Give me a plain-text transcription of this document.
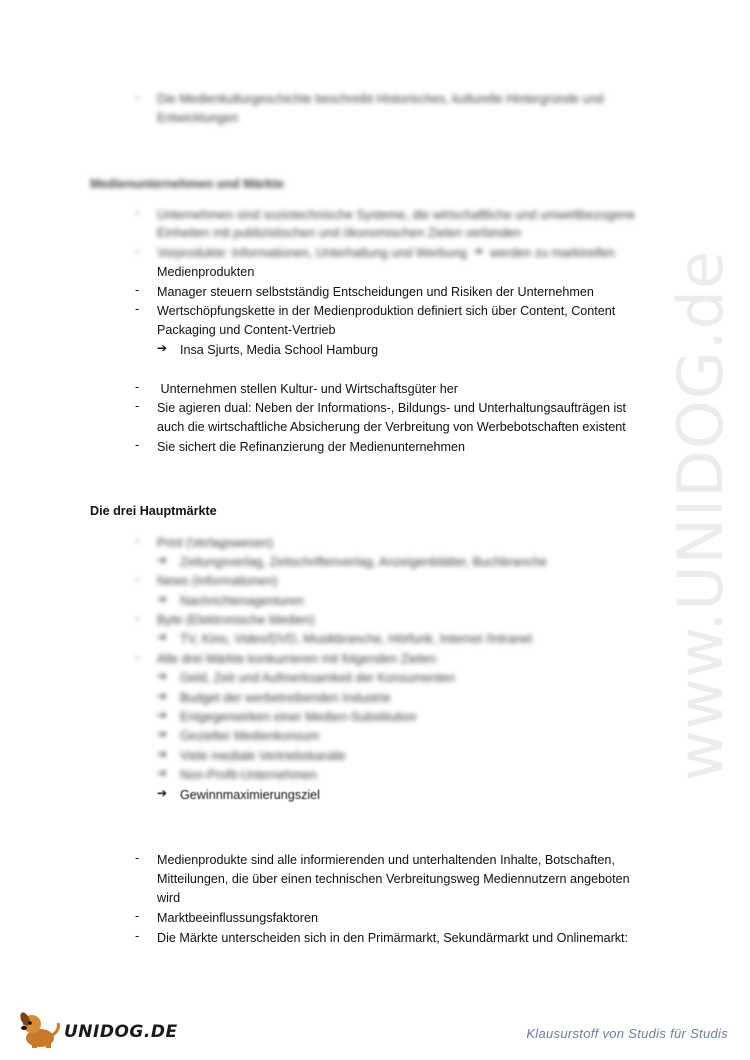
www.UNIDOG.de
- Die Medienkulturgeschichte beschreibt Historisches, kulturelle Hintergründe und
Entwicklungen
Medienunternehmen und Märkte
- Unternehmen sind soziotechnische Systeme, die wirtschaftliche und umweltbezogene
Einheiten mit publizistischen und ökonomischen Zielen verbinden
- Vorprodukte: Informationen, Unterhaltung und Werbung ➔ werden zu marktreifen
Medienprodukten
- Manager steuern selbstständig Entscheidungen und Risiken der Unternehmen
- Wertschöpfungskette in der Medienproduktion definiert sich über Content, Content
Packaging und Content-Vertrieb
➔ Insa Sjurts, Media School Hamburg
- Unternehmen stellen Kultur- und Wirtschaftsgüter her
- Sie agieren dual: Neben der Informations-, Bildungs- und Unterhaltungsaufträgen ist
auch die wirtschaftliche Absicherung der Verbreitung von Werbebotschaften existent
- Sie sichert die Refinanzierung der Medienunternehmen
Die drei Hauptmärkte
- Print (Verlagswesen)
➔ Zeitungsverlag, Zeitschriftenverlag, Anzeigenblätter, Buchbranche
- News (Informationen)
➔ Nachrichtenagenturen
- Byte (Elektronische Medien)
➔ TV, Kino, Video/DVD, Musikbranche, Hörfunk, Internet /Intranet
- Alle drei Märkte konkurrieren mit folgenden Zielen:
➔ Geld, Zeit und Aufmerksamkeit der Konsumenten
➔ Budget der werbetreibenden Industrie
➔ Entgegenwirken einer Medien-Substitution
➔ Gezielter Medienkonsum
➔ Viele mediale Vertriebskanäle
➔ Non-Profit-Unternehmen
➔ Gewinnmaximierungsziel
- Medienprodukte sind alle informierenden und unterhaltenden Inhalte, Botschaften,
Mitteilungen, die über einen technischen Verbreitungsweg Mediennutzern angeboten
wird
- Marktbeeinflussungsfaktoren
- Die Märkte unterscheiden sich in den Primärmarkt, Sekundärmarkt und Onlinemarkt:
UNIDOG.DE	Klausurstoff von Studis für Studis
